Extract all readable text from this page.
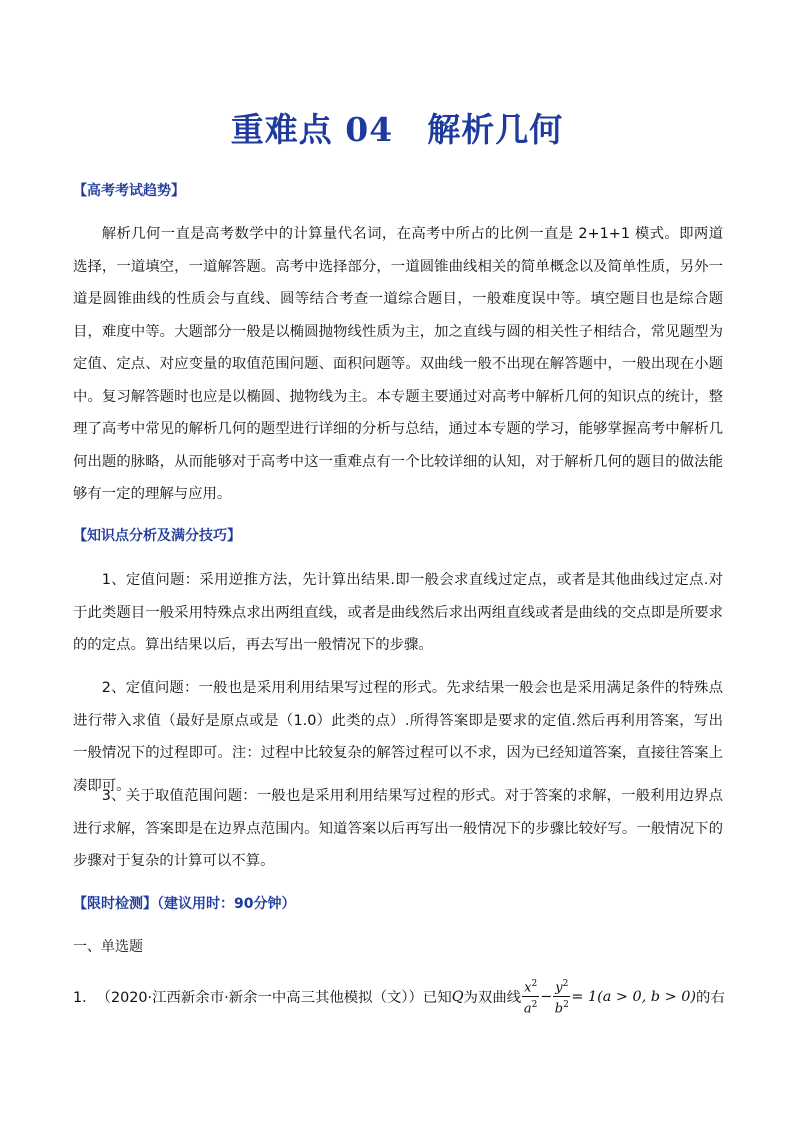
重难点 04　解析几何
【高考考试趋势】

解析几何一直是高考数学中的计算量代名词，在高考中所占的比例一直是 2+1+1 模式。即两道选择，一道填空，一道解答题。高考中选择部分，一道圆锥曲线相关的简单概念以及简单性质，另外一道是圆锥曲线的性质会与直线、圆等结合考查一道综合题目，一般难度误中等。填空题目也是综合题目，难度中等。大题部分一般是以椭圆抛物线性质为主，加之直线与圆的相关性子相结合，常见题型为定值、定点、对应变量的取值范围问题、面积问题等。双曲线一般不出现在解答题中，一般出现在小题中。复习解答题时也应是以椭圆、抛物线为主。本专题主要通过对高考中解析几何的知识点的统计，整理了高考中常见的解析几何的题型进行详细的分析与总结，通过本专题的学习，能够掌握高考中解析几何出题的脉略，从而能够对于高考中这一重难点有一个比较详细的认知，对于解析几何的题目的做法能够有一定的理解与应用。

【知识点分析及满分技巧】

1、定值问题：采用逆推方法，先计算出结果.即一般会求直线过定点，或者是其他曲线过定点.对于此类题目一般采用特殊点求出两组直线，或者是曲线然后求出两组直线或者是曲线的交点即是所要求的的定点。算出结果以后，再去写出一般情况下的步骤。

2、定值问题：一般也是采用利用结果写过程的形式。先求结果一般会也是采用满足条件的特殊点进行带入求值（最好是原点或是（1.0）此类的点）.所得答案即是要求的定值.然后再利用答案，写出一般情况下的过程即可。注：过程中比较复杂的解答过程可以不求，因为已经知道答案，直接往答案上凑即可。

3、关于取值范围问题：一般也是采用利用结果写过程的形式。对于答案的求解，一般利用边界点进行求解，答案即是在边界点范围内。知道答案以后再写出一般情况下的步骤比较好写。一般情况下的步骤对于复杂的计算可以不算。

【限时检测】（建议用时：90分钟）
一、单选题
1． （2020·江西新余市·新余一中高三其他模拟（文））已知 Q 为双曲线 $\frac{x^2}{a^2} - \frac{y^2}{b^2} = 1$ (a > 0, b > 0) 的右
